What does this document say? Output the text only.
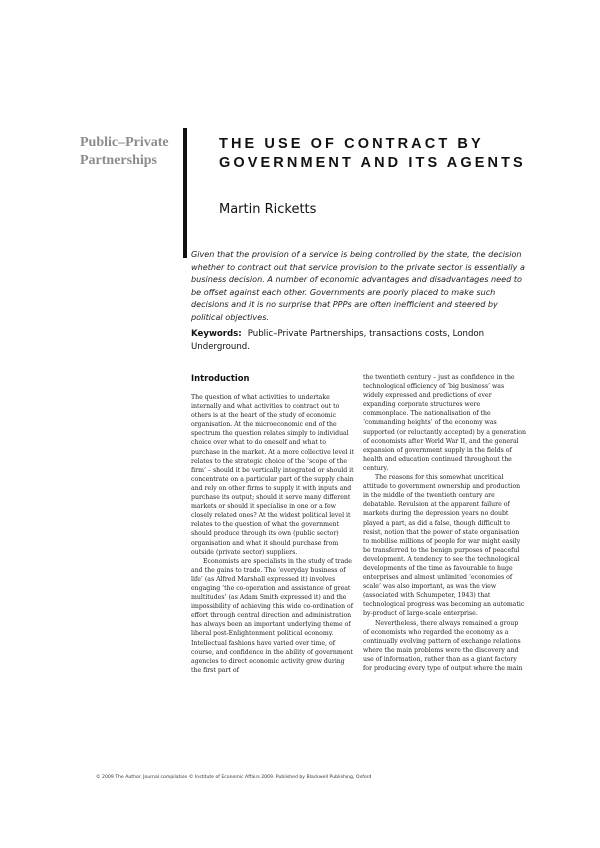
Public–Private Partnerships
THE USE OF CONTRACT BY GOVERNMENT AND ITS AGENTS
Martin Ricketts
Given that the provision of a service is being controlled by the state, the decision whether to contract out that service provision to the private sector is essentially a business decision. A number of economic advantages and disadvantages need to be offset against each other. Governments are poorly placed to make such decisions and it is no surprise that PPPs are often inefficient and steered by political objectives.
Keywords: Public–Private Partnerships, transactions costs, London Underground.
Introduction

The question of what activities to undertake internally and what activities to contract out to others is at the heart of the study of economic organisation. At the microeconomic end of the spectrum the question relates simply to individual choice over what to do oneself and what to purchase in the market. At a more collective level it relates to the strategic choice of the ‘scope of the firm’ – should it be vertically integrated or should it concentrate on a particular part of the supply chain and rely on other firms to supply it with inputs and purchase its output; should it serve many different markets or should it specialise in one or a few closely related ones? At the widest political level it relates to the question of what the government should produce through its own (public sector) organisation and what it should purchase from outside (private sector) suppliers.

Economists are specialists in the study of trade and the gains to trade. The ‘everyday business of life’ (as Alfred Marshall expressed it) involves engaging ‘the co-operation and assistance of great multitudes’ (as Adam Smith expressed it) and the impossibility of achieving this wide co-ordination of effort through central direction and administration has always been an important underlying theme of liberal post-Enlightenment political economy. Intellectual fashions have varied over time, of course, and confidence in the ability of government agencies to direct economic activity grew during the first part of

the twentieth century – just as confidence in the technological efficiency of ‘big business’ was widely expressed and predictions of ever expanding corporate structures were commonplace. The nationalisation of the ‘commanding heights’ of the economy was supported (or reluctantly accepted) by a generation of economists after World War II, and the general expansion of government supply in the fields of health and education continued throughout the century.

The reasons for this somewhat uncritical attitude to government ownership and production in the middle of the twentieth century are debatable. Revulsion at the apparent failure of markets during the depression years no doubt played a part, as did a false, though difficult to resist, notion that the power of state organisation to mobilise millions of people for war might easily be transferred to the benign purposes of peaceful development. A tendency to see the technological developments of the time as favourable to huge enterprises and almost unlimited ‘economies of scale’ was also important, as was the view (associated with Schumpeter, 1943) that technological progress was becoming an automatic by-product of large-scale enterprise.

Nevertheless, there always remained a group of economists who regarded the economy as a continually evolving pattern of exchange relations where the main problems were the discovery and use of information, rather than as a giant factory for producing every type of output where the main

© 2009 The Author. Journal compilation © Institute of Economic Affairs 2009. Published by Blackwell Publishing, Oxford
